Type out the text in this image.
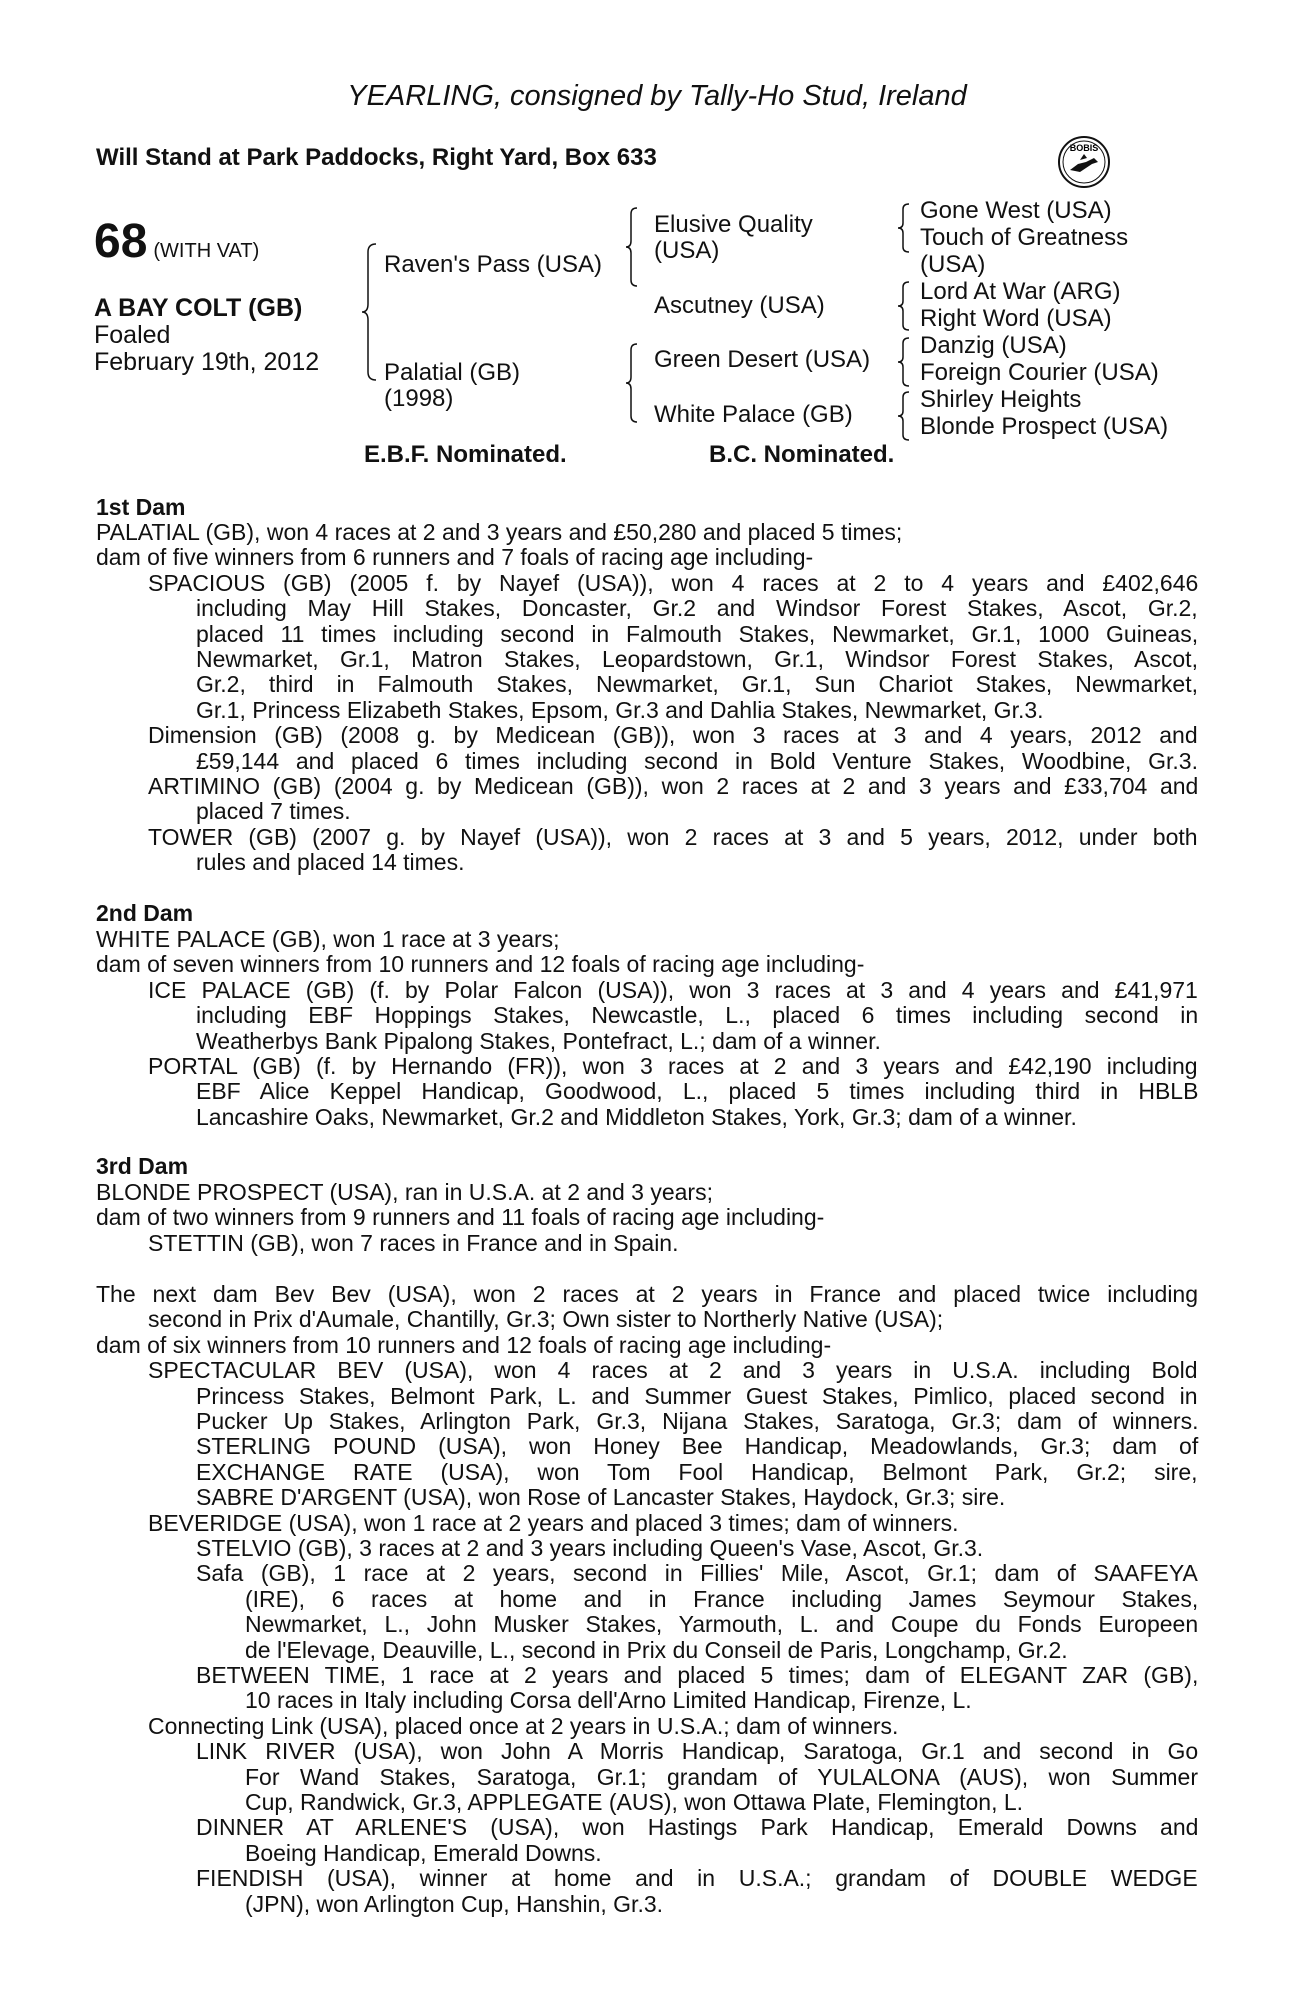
YEARLING, consigned by Tally-Ho Stud, Ireland
Will Stand at Park Paddocks, Right Yard, Box 633	BOBIS
68 (WITH VAT)
A BAY COLT (GB)
Foaled
February 19th, 2012
Raven's Pass (USA)
Palatial (GB)
(1998)
Elusive Quality
(USA)
Ascutney (USA)
Green Desert (USA)
White Palace (GB)
Gone West (USA)
Touch of Greatness
(USA)
Lord At War (ARG)
Right Word (USA)
Danzig (USA)
Foreign Courier (USA)
Shirley Heights
Blonde Prospect (USA)
E.B.F. Nominated.	B.C. Nominated.
1st Dam
PALATIAL (GB), won 4 races at 2 and 3 years and £50,280 and placed 5 times;
dam of five winners from 6 runners and 7 foals of racing age including-
SPACIOUS (GB) (2005 f. by Nayef (USA)), won 4 races at 2 to 4 years and £402,646
including May Hill Stakes, Doncaster, Gr.2 and Windsor Forest Stakes, Ascot, Gr.2,
placed 11 times including second in Falmouth Stakes, Newmarket, Gr.1, 1000 Guineas,
Newmarket, Gr.1, Matron Stakes, Leopardstown, Gr.1, Windsor Forest Stakes, Ascot,
Gr.2, third in Falmouth Stakes, Newmarket, Gr.1, Sun Chariot Stakes, Newmarket,
Gr.1, Princess Elizabeth Stakes, Epsom, Gr.3 and Dahlia Stakes, Newmarket, Gr.3.
Dimension (GB) (2008 g. by Medicean (GB)), won 3 races at 3 and 4 years, 2012 and
£59,144 and placed 6 times including second in Bold Venture Stakes, Woodbine, Gr.3.
ARTIMINO (GB) (2004 g. by Medicean (GB)), won 2 races at 2 and 3 years and £33,704 and
placed 7 times.
TOWER (GB) (2007 g. by Nayef (USA)), won 2 races at 3 and 5 years, 2012, under both
rules and placed 14 times.
2nd Dam
WHITE PALACE (GB), won 1 race at 3 years;
dam of seven winners from 10 runners and 12 foals of racing age including-
ICE PALACE (GB) (f. by Polar Falcon (USA)), won 3 races at 3 and 4 years and £41,971
including EBF Hoppings Stakes, Newcastle, L., placed 6 times including second in
Weatherbys Bank Pipalong Stakes, Pontefract, L.; dam of a winner.
PORTAL (GB) (f. by Hernando (FR)), won 3 races at 2 and 3 years and £42,190 including
EBF Alice Keppel Handicap, Goodwood, L., placed 5 times including third in HBLB
Lancashire Oaks, Newmarket, Gr.2 and Middleton Stakes, York, Gr.3; dam of a winner.
3rd Dam
BLONDE PROSPECT (USA), ran in U.S.A. at 2 and 3 years;
dam of two winners from 9 runners and 11 foals of racing age including-
STETTIN (GB), won 7 races in France and in Spain.
The next dam Bev Bev (USA), won 2 races at 2 years in France and placed twice including
second in Prix d'Aumale, Chantilly, Gr.3; Own sister to Northerly Native (USA);
dam of six winners from 10 runners and 12 foals of racing age including-
SPECTACULAR BEV (USA), won 4 races at 2 and 3 years in U.S.A. including Bold
Princess Stakes, Belmont Park, L. and Summer Guest Stakes, Pimlico, placed second in
Pucker Up Stakes, Arlington Park, Gr.3, Nijana Stakes, Saratoga, Gr.3; dam of winners.
STERLING POUND (USA), won Honey Bee Handicap, Meadowlands, Gr.3; dam of
EXCHANGE RATE (USA), won Tom Fool Handicap, Belmont Park, Gr.2; sire,
SABRE D'ARGENT (USA), won Rose of Lancaster Stakes, Haydock, Gr.3; sire.
BEVERIDGE (USA), won 1 race at 2 years and placed 3 times; dam of winners.
STELVIO (GB), 3 races at 2 and 3 years including Queen's Vase, Ascot, Gr.3.
Safa (GB), 1 race at 2 years, second in Fillies' Mile, Ascot, Gr.1; dam of SAAFEYA
(IRE), 6 races at home and in France including James Seymour Stakes,
Newmarket, L., John Musker Stakes, Yarmouth, L. and Coupe du Fonds Europeen
de l'Elevage, Deauville, L., second in Prix du Conseil de Paris, Longchamp, Gr.2.
BETWEEN TIME, 1 race at 2 years and placed 5 times; dam of ELEGANT ZAR (GB),
10 races in Italy including Corsa dell'Arno Limited Handicap, Firenze, L.
Connecting Link (USA), placed once at 2 years in U.S.A.; dam of winners.
LINK RIVER (USA), won John A Morris Handicap, Saratoga, Gr.1 and second in Go
For Wand Stakes, Saratoga, Gr.1; grandam of YULALONA (AUS), won Summer
Cup, Randwick, Gr.3, APPLEGATE (AUS), won Ottawa Plate, Flemington, L.
DINNER AT ARLENE'S (USA), won Hastings Park Handicap, Emerald Downs and
Boeing Handicap, Emerald Downs.
FIENDISH (USA), winner at home and in U.S.A.; grandam of DOUBLE WEDGE
(JPN), won Arlington Cup, Hanshin, Gr.3.
